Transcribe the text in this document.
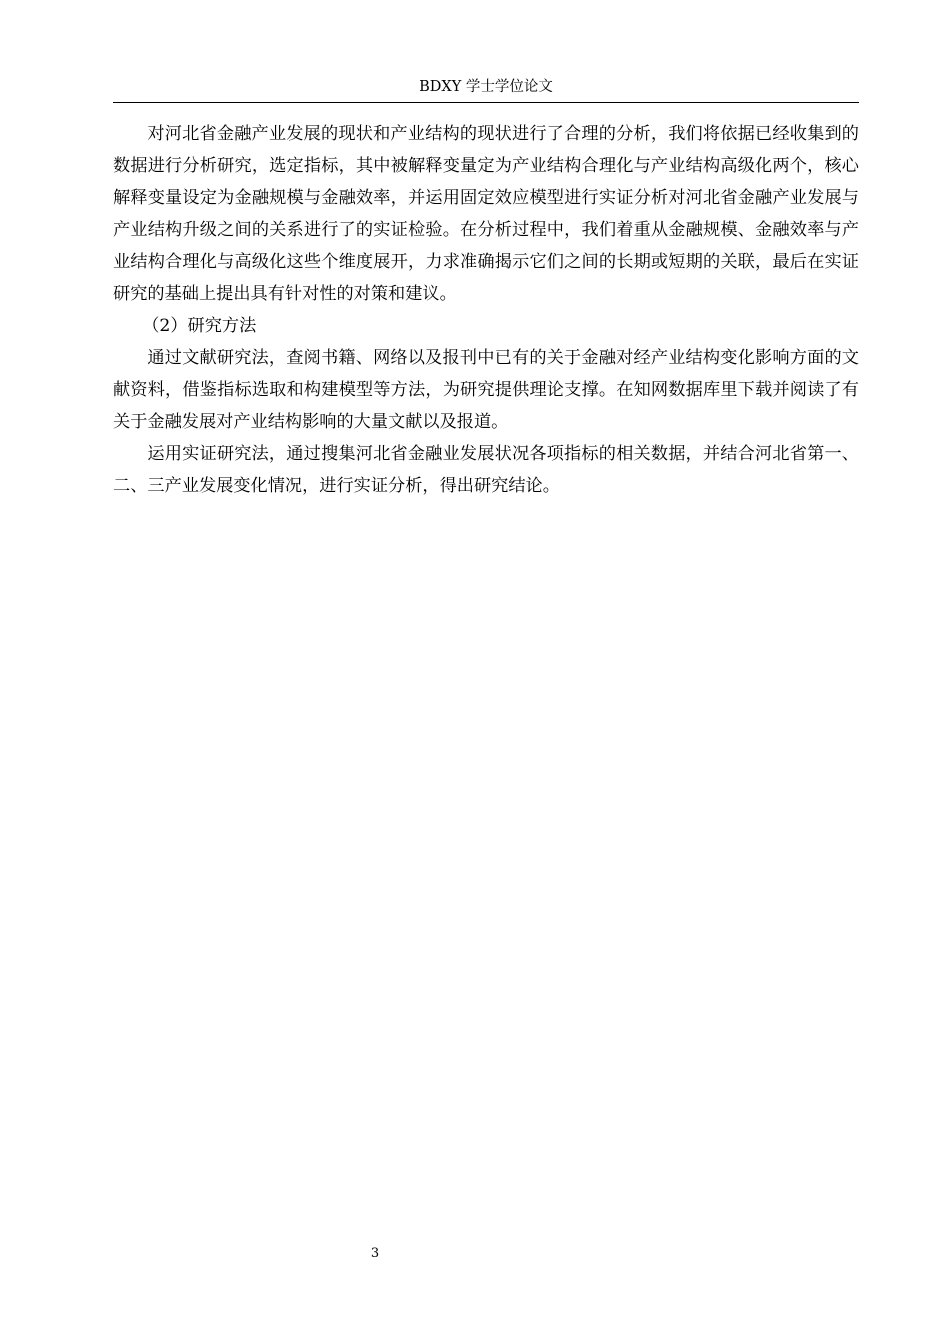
BDXY 学士学位论文

对河北省金融产业发展的现状和产业结构的现状进行了合理的分析，我们将依据已经收集到的数据进行分析研究，选定指标，其中被解释变量定为产业结构合理化与产业结构高级化两个，核心解释变量设定为金融规模与金融效率，并运用固定效应模型进行实证分析对河北省金融产业发展与产业结构升级之间的关系进行了的实证检验。在分析过程中，我们着重从金融规模、金融效率与产业结构合理化与高级化这些个维度展开，力求准确揭示它们之间的长期或短期的关联，最后在实证研究的基础上提出具有针对性的对策和建议。

（2）研究方法

通过文献研究法，查阅书籍、网络以及报刊中已有的关于金融对经产业结构变化影响方面的文献资料，借鉴指标选取和构建模型等方法，为研究提供理论支撑。在知网数据库里下载并阅读了有关于金融发展对产业结构影响的大量文献以及报道。

运用实证研究法，通过搜集河北省金融业发展状况各项指标的相关数据，并结合河北省第一、二、三产业发展变化情况，进行实证分析，得出研究结论。

3
